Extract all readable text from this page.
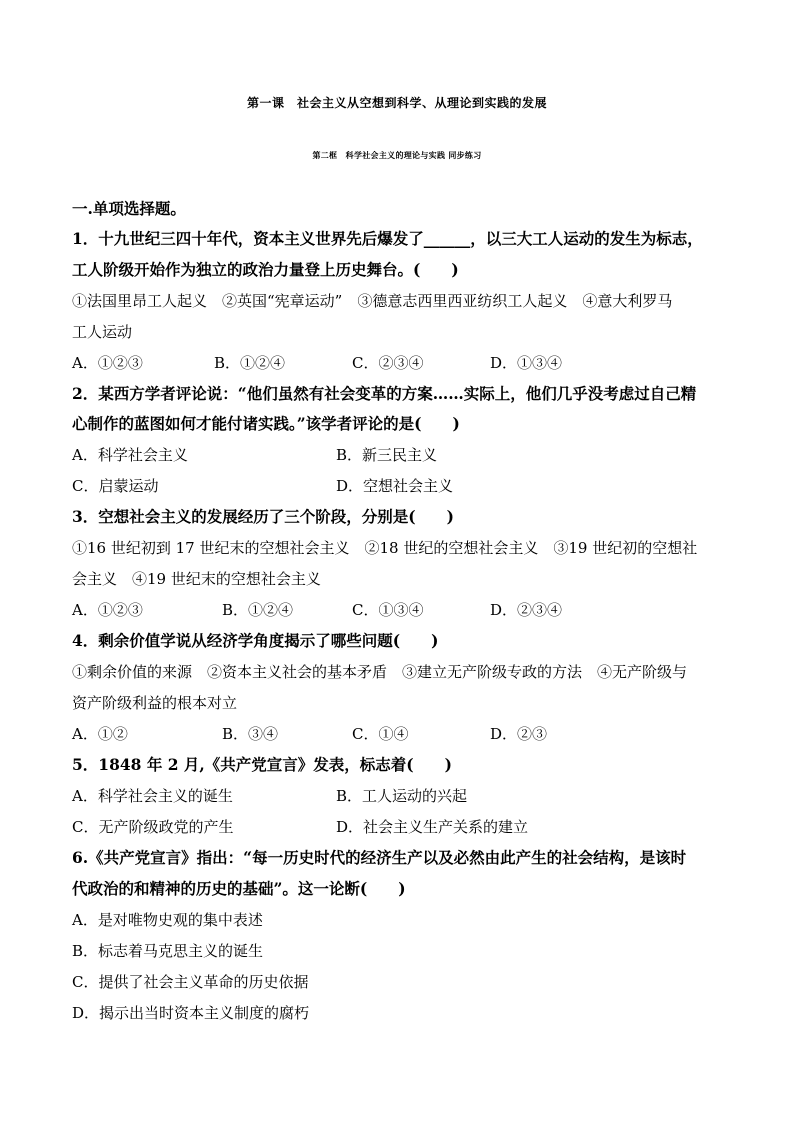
第一课　社会主义从空想到科学、从理论到实践的发展
第二框　科学社会主义的理论与实践 同步练习
一.单项选择题。
1．十九世纪三四十年代，资本主义世界先后爆发了______，以三大工人运动的发生为标志，
工人阶级开始作为独立的政治力量登上历史舞台。(　　)
①法国里昂工人起义　②英国“宪章运动”　③德意志西里西亚纺织工人起义　④意大利罗马
工人运动
A．①②③	B．①②④	C．②③④	D．①③④
2．某西方学者评论说：“他们虽然有社会变革的方案……实际上，他们几乎没考虑过自己精
心制作的蓝图如何才能付诸实践。”该学者评论的是(　　)
A．科学社会主义	B．新三民主义
C．启蒙运动	D．空想社会主义
3．空想社会主义的发展经历了三个阶段，分别是(　　)
①16 世纪初到 17 世纪末的空想社会主义　②18 世纪的空想社会主义　③19 世纪初的空想社
会主义　④19 世纪末的空想社会主义
A．①②③	B．①②④	C．①③④	D．②③④
4．剩余价值学说从经济学角度揭示了哪些问题(　　)
①剩余价值的来源　②资本主义社会的基本矛盾　③建立无产阶级专政的方法　④无产阶级与
资产阶级利益的根本对立
A．①②	B．③④	C．①④	D．②③
5．1848 年 2 月,《共产党宣言》发表，标志着(　　)
A．科学社会主义的诞生	B．工人运动的兴起
C．无产阶级政党的产生	D．社会主义生产关系的建立
6.《共产党宣言》指出：“每一历史时代的经济生产以及必然由此产生的社会结构，是该时
代政治的和精神的历史的基础”。这一论断(　　)
A．是对唯物史观的集中表述
B．标志着马克思主义的诞生
C．提供了社会主义革命的历史依据
D．揭示出当时资本主义制度的腐朽
